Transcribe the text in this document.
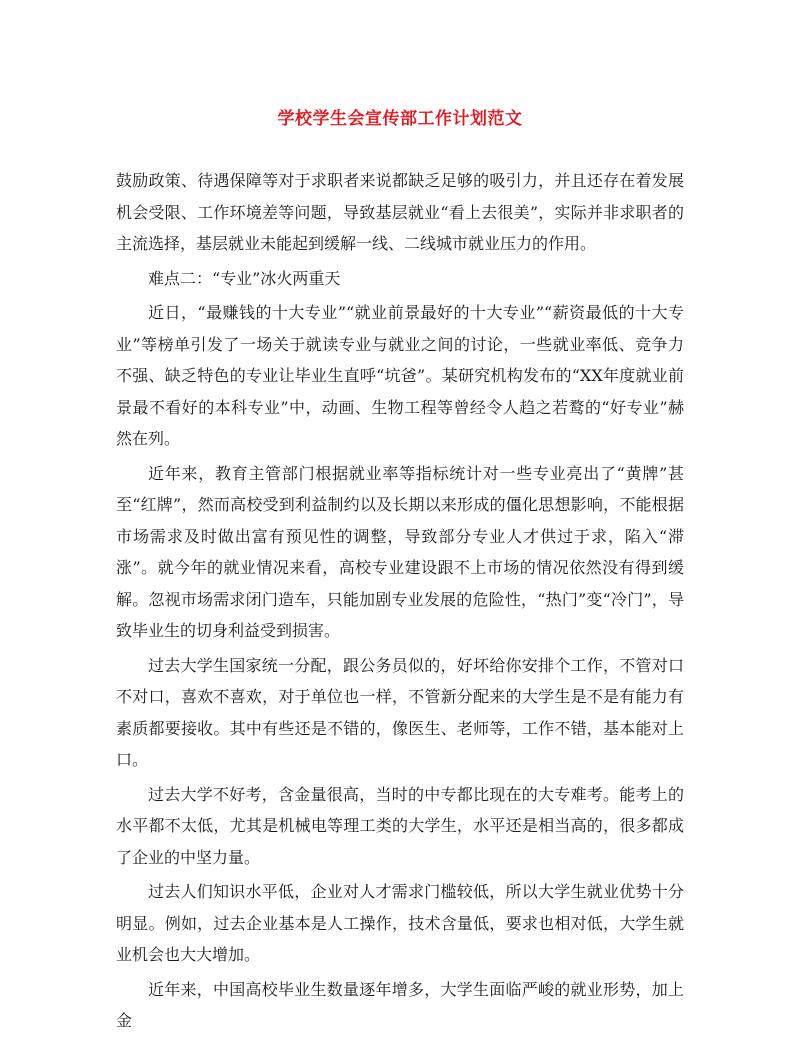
学校学生会宣传部工作计划范文

鼓励政策、待遇保障等对于求职者来说都缺乏足够的吸引力，并且还存在着发展机会受限、工作环境差等问题，导致基层就业“看上去很美”，实际并非求职者的主流选择，基层就业未能起到缓解一线、二线城市就业压力的作用。

难点二：“专业”冰火两重天

近日，“最赚钱的十大专业”“就业前景最好的十大专业”“薪资最低的十大专业”等榜单引发了一场关于就读专业与就业之间的讨论，一些就业率低、竞争力不强、缺乏特色的专业让毕业生直呼“坑爸”。某研究机构发布的“XX年度就业前景最不看好的本科专业”中，动画、生物工程等曾经令人趋之若鹜的“好专业”赫然在列。

近年来，教育主管部门根据就业率等指标统计对一些专业亮出了“黄牌”甚至“红牌”，然而高校受到利益制约以及长期以来形成的僵化思想影响，不能根据市场需求及时做出富有预见性的调整，导致部分专业人才供过于求，陷入“滞涨”。就今年的就业情况来看，高校专业建设跟不上市场的情况依然没有得到缓解。忽视市场需求闭门造车，只能加剧专业发展的危险性，“热门”变“冷门”，导致毕业生的切身利益受到损害。

过去大学生国家统一分配，跟公务员似的，好坏给你安排个工作，不管对口不对口，喜欢不喜欢，对于单位也一样，不管新分配来的大学生是不是有能力有素质都要接收。其中有些还是不错的，像医生、老师等，工作不错，基本能对上口。

过去大学不好考，含金量很高，当时的中专都比现在的大专难考。能考上的水平都不太低，尤其是机械电等理工类的大学生，水平还是相当高的，很多都成了企业的中坚力量。

过去人们知识水平低，企业对人才需求门槛较低，所以大学生就业优势十分明显。例如，过去企业基本是人工操作，技术含量低，要求也相对低，大学生就业机会也大大增加。

近年来，中国高校毕业生数量逐年增多，大学生面临严峻的就业形势，加上金
